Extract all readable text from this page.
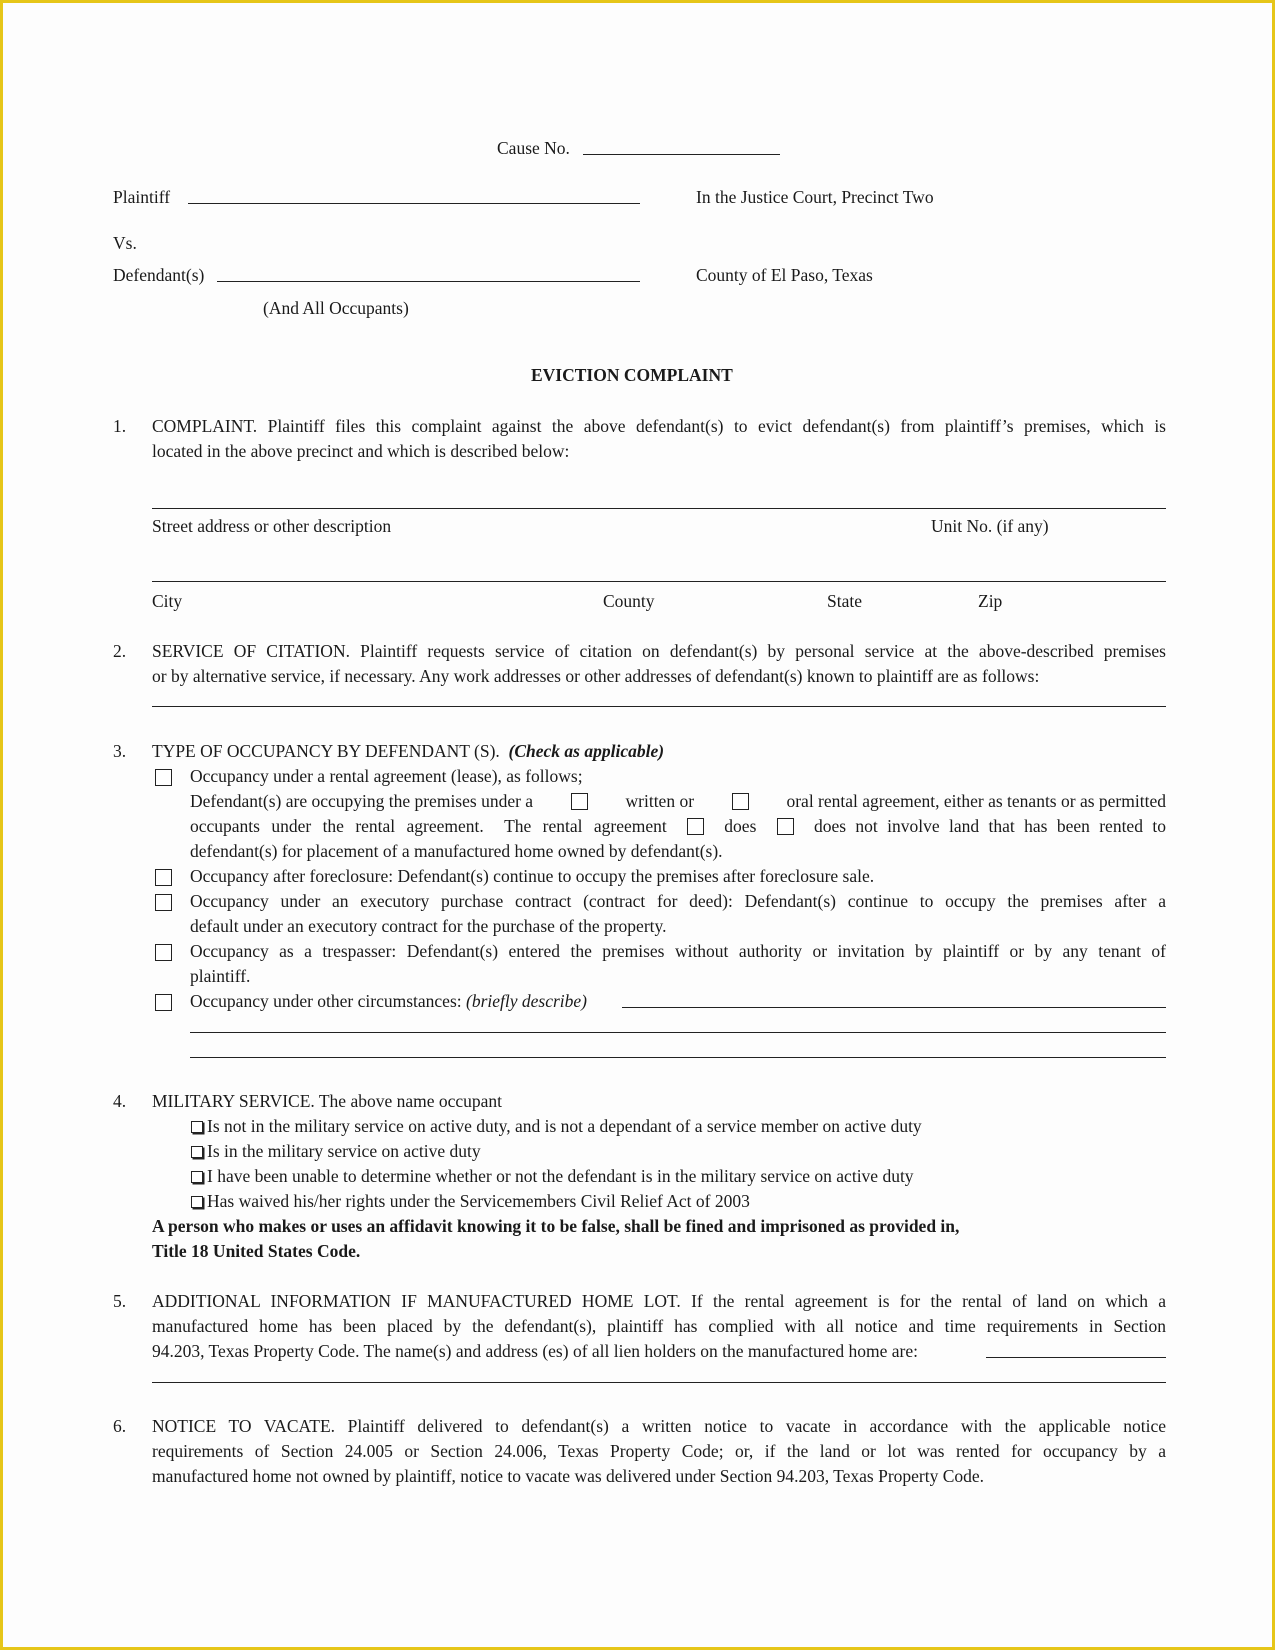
Cause No.
Plaintiff	In the Justice Court, Precinct Two
Vs.
Defendant(s)	County of El Paso, Texas
(And All Occupants)
EVICTION COMPLAINT
1. COMPLAINT. Plaintiff files this complaint against the above defendant(s) to evict defendant(s) from plaintiff’s premises, which is
located in the above precinct and which is described below:
Street address or other description	Unit No. (if any)
City	County	State	Zip
2. SERVICE OF CITATION. Plaintiff requests service of citation on defendant(s) by personal service at the above-described premises
or by alternative service, if necessary. Any work addresses or other addresses of defendant(s) known to plaintiff are as follows:
3. TYPE OF OCCUPANCY BY DEFENDANT (S). (Check as applicable)
Occupancy under a rental agreement (lease), as follows;
Defendant(s) are occupying the premises under a	written or	oral rental agreement, either as tenants or as permitted
occupants under the rental agreement. The rental agreement	does	does not involve land that has been rented to
defendant(s) for placement of a manufactured home owned by defendant(s).
Occupancy after foreclosure: Defendant(s) continue to occupy the premises after foreclosure sale.
Occupancy under an executory purchase contract (contract for deed): Defendant(s) continue to occupy the premises after a
default under an executory contract for the purchase of the property.
Occupancy as a trespasser: Defendant(s) entered the premises without authority or invitation by plaintiff or by any tenant of
plaintiff.
Occupancy under other circumstances: (briefly describe)
4. MILITARY SERVICE. The above name occupant
Is not in the military service on active duty, and is not a dependant of a service member on active duty
Is in the military service on active duty
I have been unable to determine whether or not the defendant is in the military service on active duty
Has waived his/her rights under the Servicemembers Civil Relief Act of 2003
A person who makes or uses an affidavit knowing it to be false, shall be fined and imprisoned as provided in,
Title 18 United States Code.
5. ADDITIONAL INFORMATION IF MANUFACTURED HOME LOT. If the rental agreement is for the rental of land on which a
manufactured home has been placed by the defendant(s), plaintiff has complied with all notice and time requirements in Section
94.203, Texas Property Code. The name(s) and address (es) of all lien holders on the manufactured home are:
6. NOTICE TO VACATE. Plaintiff delivered to defendant(s) a written notice to vacate in accordance with the applicable notice
requirements of Section 24.005 or Section 24.006, Texas Property Code; or, if the land or lot was rented for occupancy by a
manufactured home not owned by plaintiff, notice to vacate was delivered under Section 94.203, Texas Property Code.
